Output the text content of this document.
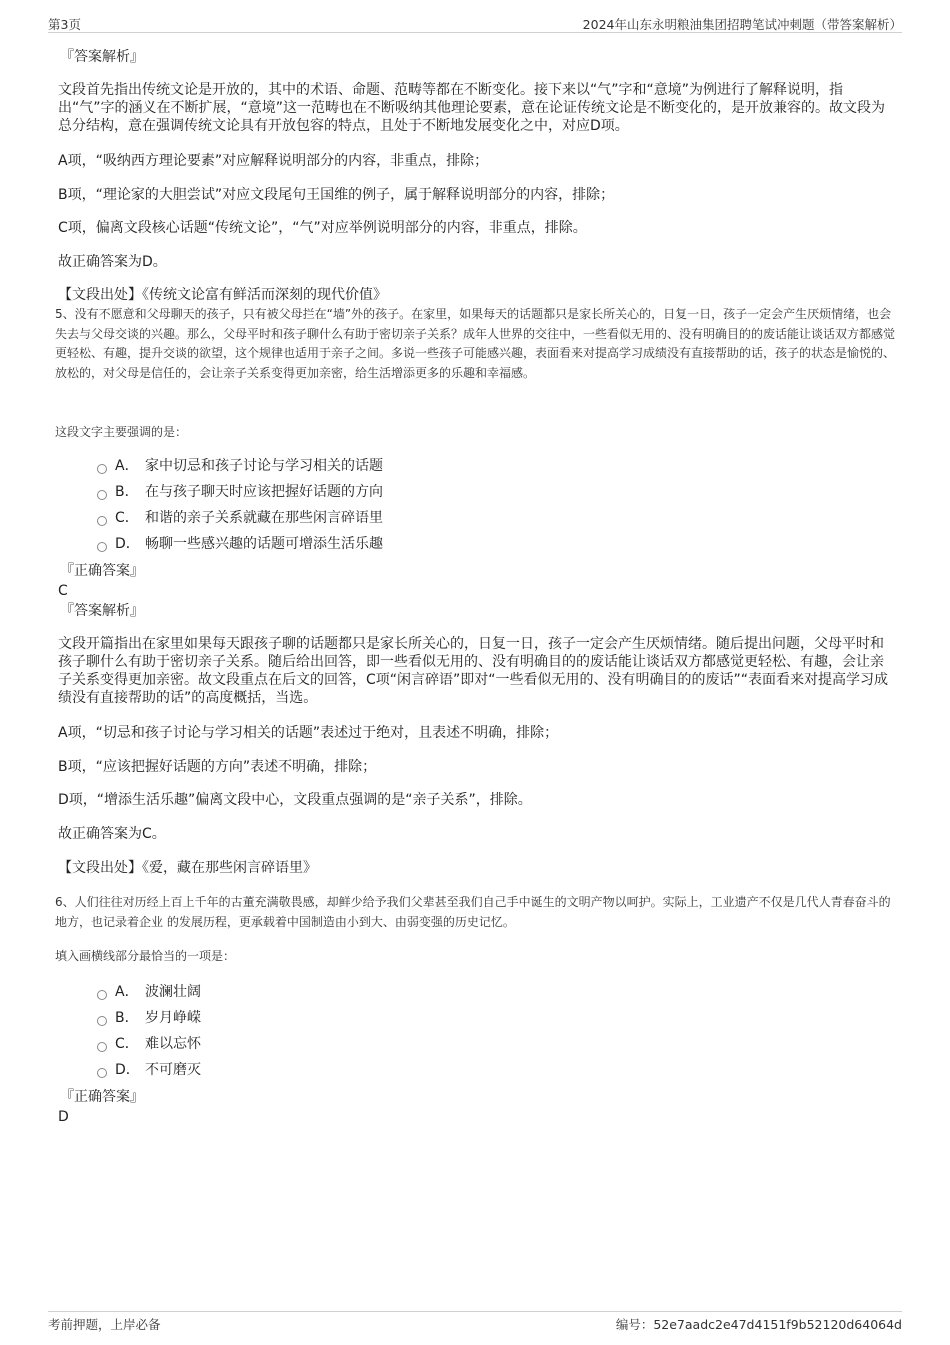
第3页	2024年山东永明粮油集团招聘笔试冲刺题（带答案解析）
『答案解析』
文段首先指出传统文论是开放的，其中的术语、命题、范畴等都在不断变化。接下来以“气”字和“意境”为例进行了解释说明，指出“气”字的涵义在不断扩展，“意境”这一范畴也在不断吸纳其他理论要素，意在论证传统文论是不断变化的，是开放兼容的。故文段为总分结构，意在强调传统文论具有开放包容的特点，且处于不断地发展变化之中，对应D项。
A项，“吸纳西方理论要素”对应解释说明部分的内容，非重点，排除；
B项，“理论家的大胆尝试”对应文段尾句王国维的例子，属于解释说明部分的内容，排除；
C项，偏离文段核心话题“传统文论”，“气”对应举例说明部分的内容，非重点，排除。
故正确答案为D。
【文段出处】《传统文论富有鲜活而深刻的现代价值》
5、没有不愿意和父母聊天的孩子，只有被父母拦在“墙”外的孩子。在家里，如果每天的话题都只是家长所关心的，日复一日，孩子一定会产生厌烦情绪，也会失去与父母交谈的兴趣。那么，父母平时和孩子聊什么有助于密切亲子关系？成年人世界的交往中，一些看似无用的、没有明确目的的废话能让谈话双方都感觉更轻松、有趣，提升交谈的欲望，这个规律也适用于亲子之间。多说一些孩子可能感兴趣，表面看来对提高学习成绩没有直接帮助的话，孩子的状态是愉悦的、放松的，对父母是信任的，会让亲子关系变得更加亲密，给生活增添更多的乐趣和幸福感。
这段文字主要强调的是：
A． 家中切忌和孩子讨论与学习相关的话题
B． 在与孩子聊天时应该把握好话题的方向
C． 和谐的亲子关系就藏在那些闲言碎语里
D． 畅聊一些感兴趣的话题可增添生活乐趣
『正确答案』
C
『答案解析』
文段开篇指出在家里如果每天跟孩子聊的话题都只是家长所关心的，日复一日，孩子一定会产生厌烦情绪。随后提出问题，父母平时和孩子聊什么有助于密切亲子关系。随后给出回答，即一些看似无用的、没有明确目的的废话能让谈话双方都感觉更轻松、有趣，会让亲子关系变得更加亲密。故文段重点在后文的回答，C项“闲言碎语”即对“一些看似无用的、没有明确目的的废话”“表面看来对提高学习成绩没有直接帮助的话”的高度概括，当选。
A项，“切忌和孩子讨论与学习相关的话题”表述过于绝对，且表述不明确，排除；
B项，“应该把握好话题的方向”表述不明确，排除；
D项，“增添生活乐趣”偏离文段中心，文段重点强调的是“亲子关系”，排除。
故正确答案为C。
【文段出处】《爱，藏在那些闲言碎语里》
6、人们往往对历经上百上千年的古董充满敬畏感，却鲜少给予我们父辈甚至我们自己手中诞生的文明产物以呵护。实际上，工业遗产不仅是几代人青春奋斗的地方，也记录着企业 的发展历程，更承载着中国制造由小到大、由弱变强的历史记忆。
填入画横线部分最恰当的一项是：
A． 波澜壮阔
B． 岁月峥嵘
C． 难以忘怀
D． 不可磨灭
『正确答案』
D
考前押题，上岸必备	编号：52e7aadc2e47d4151f9b52120d64064d
